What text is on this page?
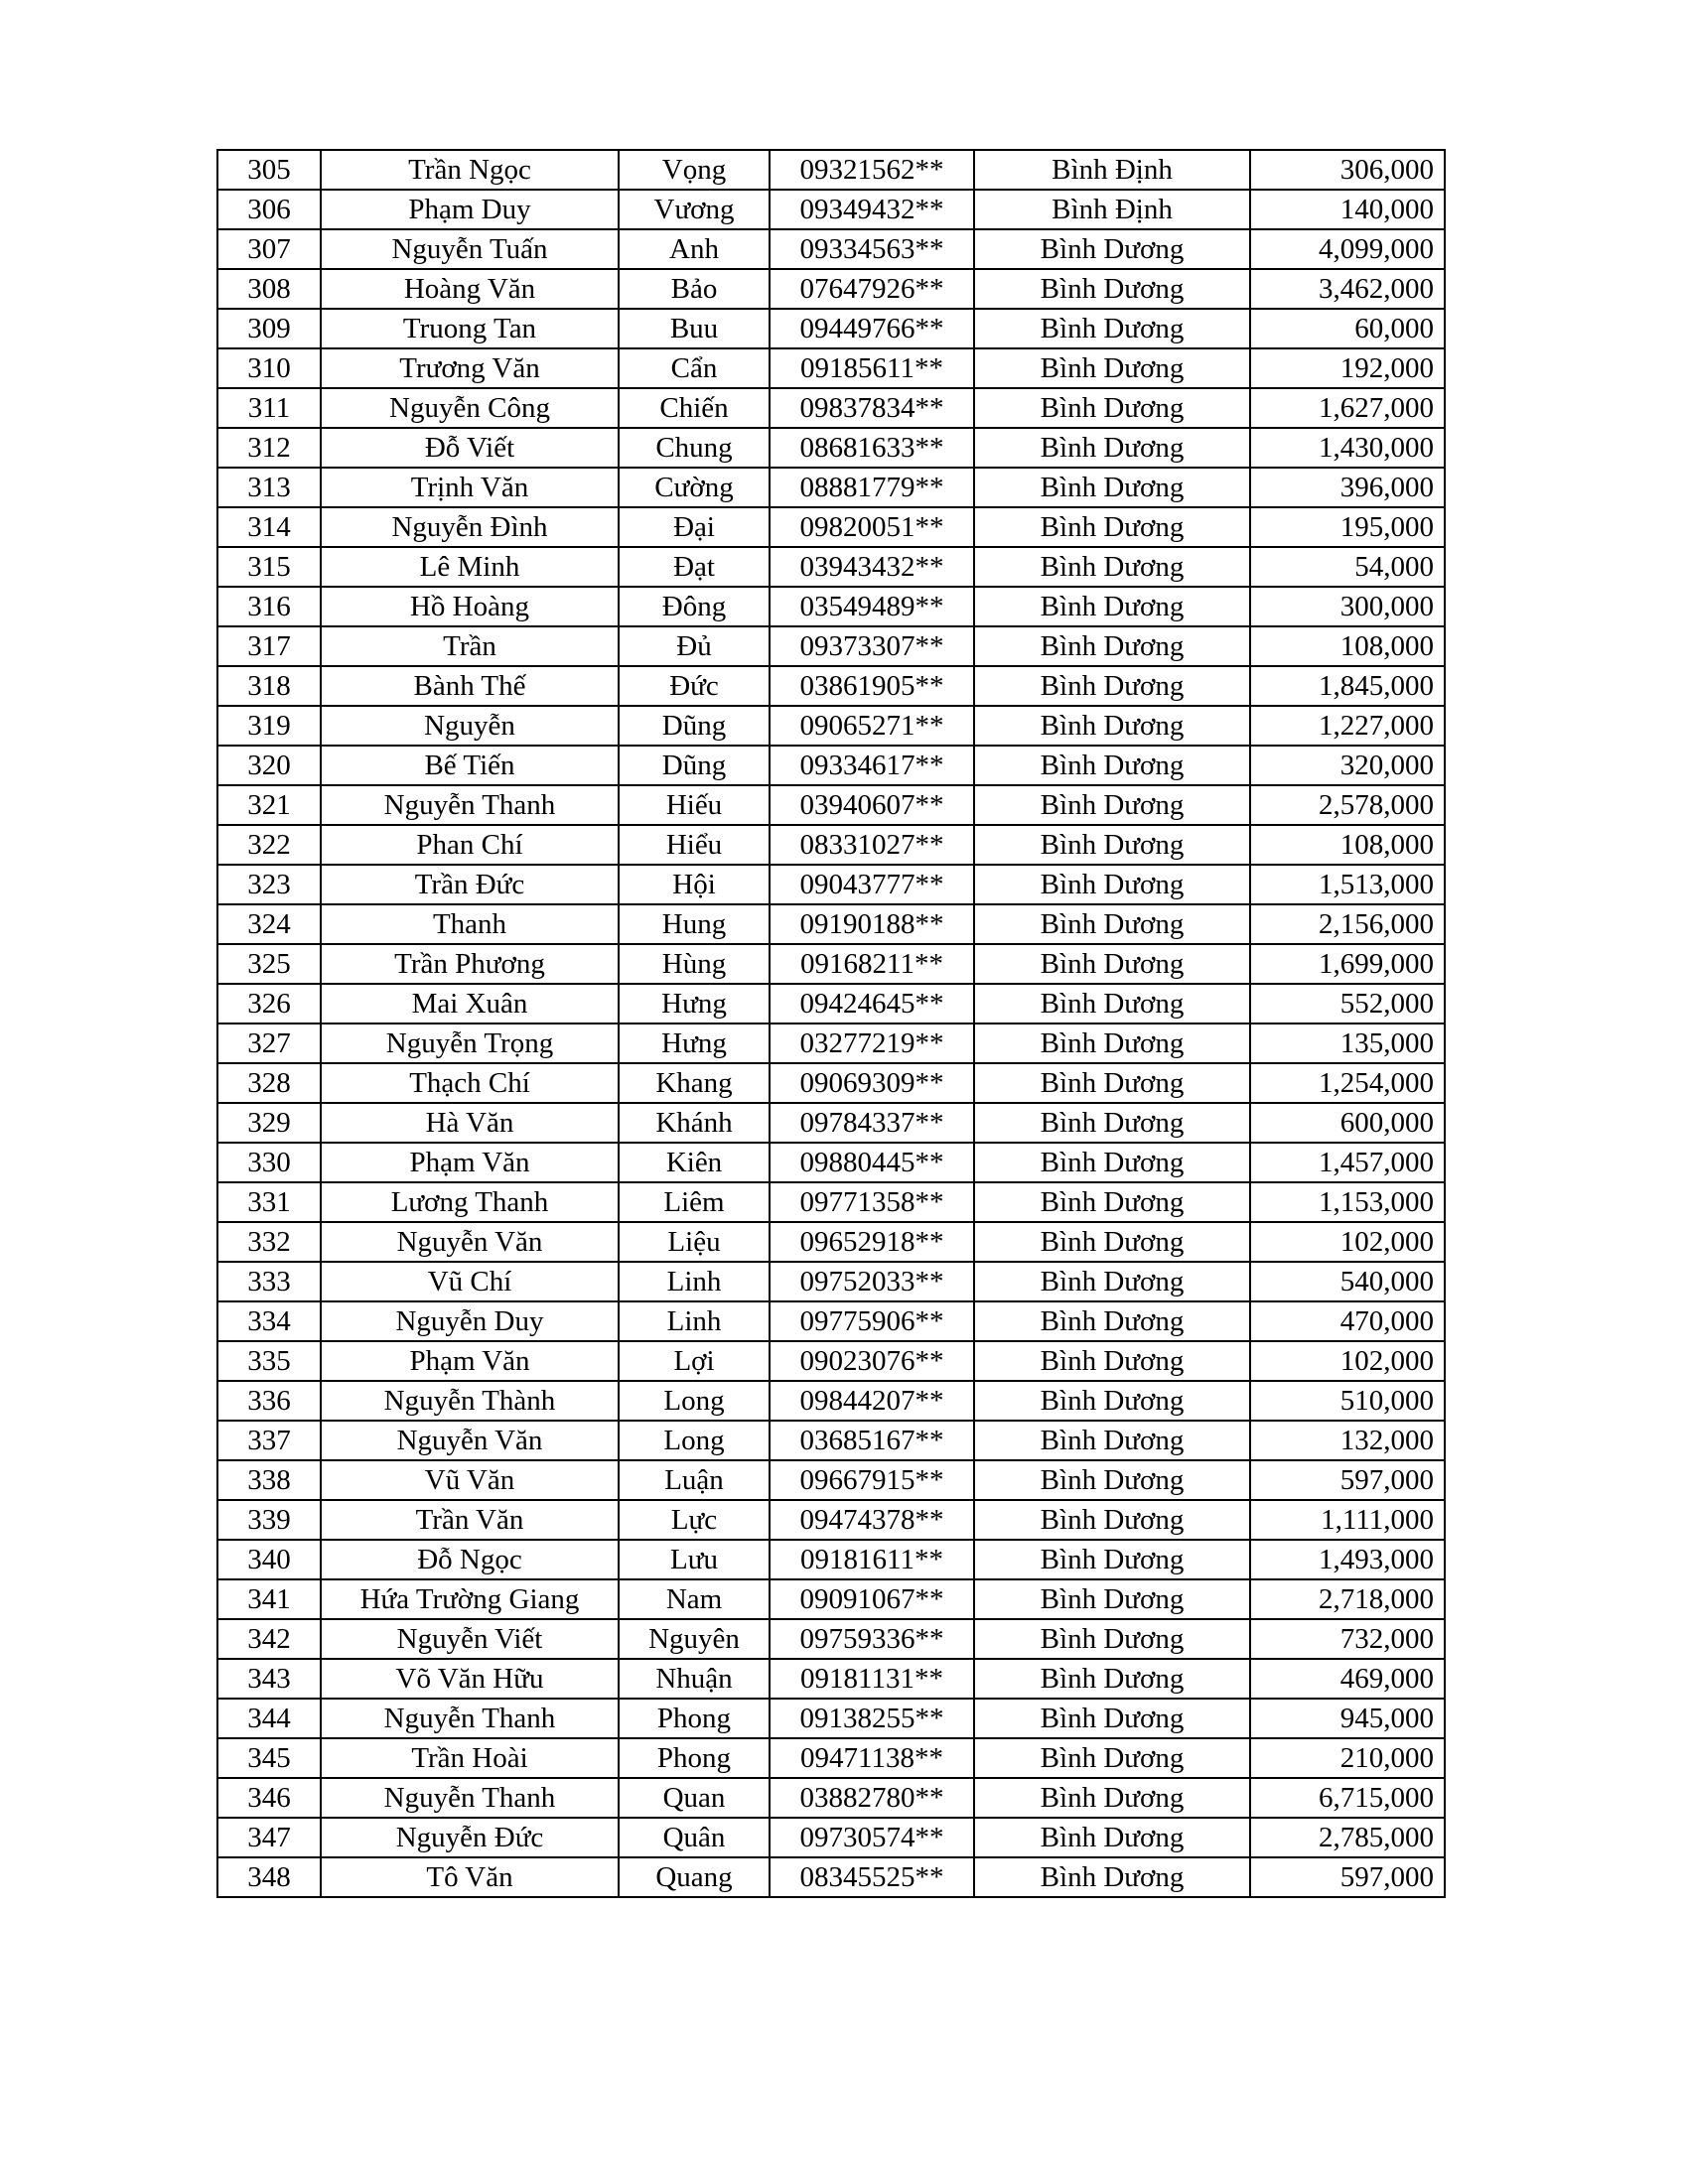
305	Trần Ngọc	Vọng	09321562**	Bình Định	306,000
306	Phạm Duy	Vương	09349432**	Bình Định	140,000
307	Nguyễn Tuấn	Anh	09334563**	Bình Dương	4,099,000
308	Hoàng Văn	Bảo	07647926**	Bình Dương	3,462,000
309	Truong Tan	Buu	09449766**	Bình Dương	60,000
310	Trương Văn	Cẩn	09185611**	Bình Dương	192,000
311	Nguyễn Công	Chiến	09837834**	Bình Dương	1,627,000
312	Đỗ Viết	Chung	08681633**	Bình Dương	1,430,000
313	Trịnh Văn	Cường	08881779**	Bình Dương	396,000
314	Nguyễn Đình	Đại	09820051**	Bình Dương	195,000
315	Lê Minh	Đạt	03943432**	Bình Dương	54,000
316	Hồ Hoàng	Đông	03549489**	Bình Dương	300,000
317	Trần	Đủ	09373307**	Bình Dương	108,000
318	Bành Thế	Đức	03861905**	Bình Dương	1,845,000
319	Nguyễn	Dũng	09065271**	Bình Dương	1,227,000
320	Bế Tiến	Dũng	09334617**	Bình Dương	320,000
321	Nguyễn Thanh	Hiếu	03940607**	Bình Dương	2,578,000
322	Phan Chí	Hiểu	08331027**	Bình Dương	108,000
323	Trần Đức	Hội	09043777**	Bình Dương	1,513,000
324	Thanh	Hung	09190188**	Bình Dương	2,156,000
325	Trần Phương	Hùng	09168211**	Bình Dương	1,699,000
326	Mai Xuân	Hưng	09424645**	Bình Dương	552,000
327	Nguyễn Trọng	Hưng	03277219**	Bình Dương	135,000
328	Thạch Chí	Khang	09069309**	Bình Dương	1,254,000
329	Hà Văn	Khánh	09784337**	Bình Dương	600,000
330	Phạm Văn	Kiên	09880445**	Bình Dương	1,457,000
331	Lương Thanh	Liêm	09771358**	Bình Dương	1,153,000
332	Nguyễn Văn	Liệu	09652918**	Bình Dương	102,000
333	Vũ Chí	Linh	09752033**	Bình Dương	540,000
334	Nguyễn Duy	Linh	09775906**	Bình Dương	470,000
335	Phạm Văn	Lợi	09023076**	Bình Dương	102,000
336	Nguyễn Thành	Long	09844207**	Bình Dương	510,000
337	Nguyễn Văn	Long	03685167**	Bình Dương	132,000
338	Vũ Văn	Luận	09667915**	Bình Dương	597,000
339	Trần Văn	Lực	09474378**	Bình Dương	1,111,000
340	Đỗ Ngọc	Lưu	09181611**	Bình Dương	1,493,000
341	Hứa Trường Giang	Nam	09091067**	Bình Dương	2,718,000
342	Nguyễn Viết	Nguyên	09759336**	Bình Dương	732,000
343	Võ Văn Hữu	Nhuận	09181131**	Bình Dương	469,000
344	Nguyễn Thanh	Phong	09138255**	Bình Dương	945,000
345	Trần Hoài	Phong	09471138**	Bình Dương	210,000
346	Nguyễn Thanh	Quan	03882780**	Bình Dương	6,715,000
347	Nguyễn Đức	Quân	09730574**	Bình Dương	2,785,000
348	Tô Văn	Quang	08345525**	Bình Dương	597,000
